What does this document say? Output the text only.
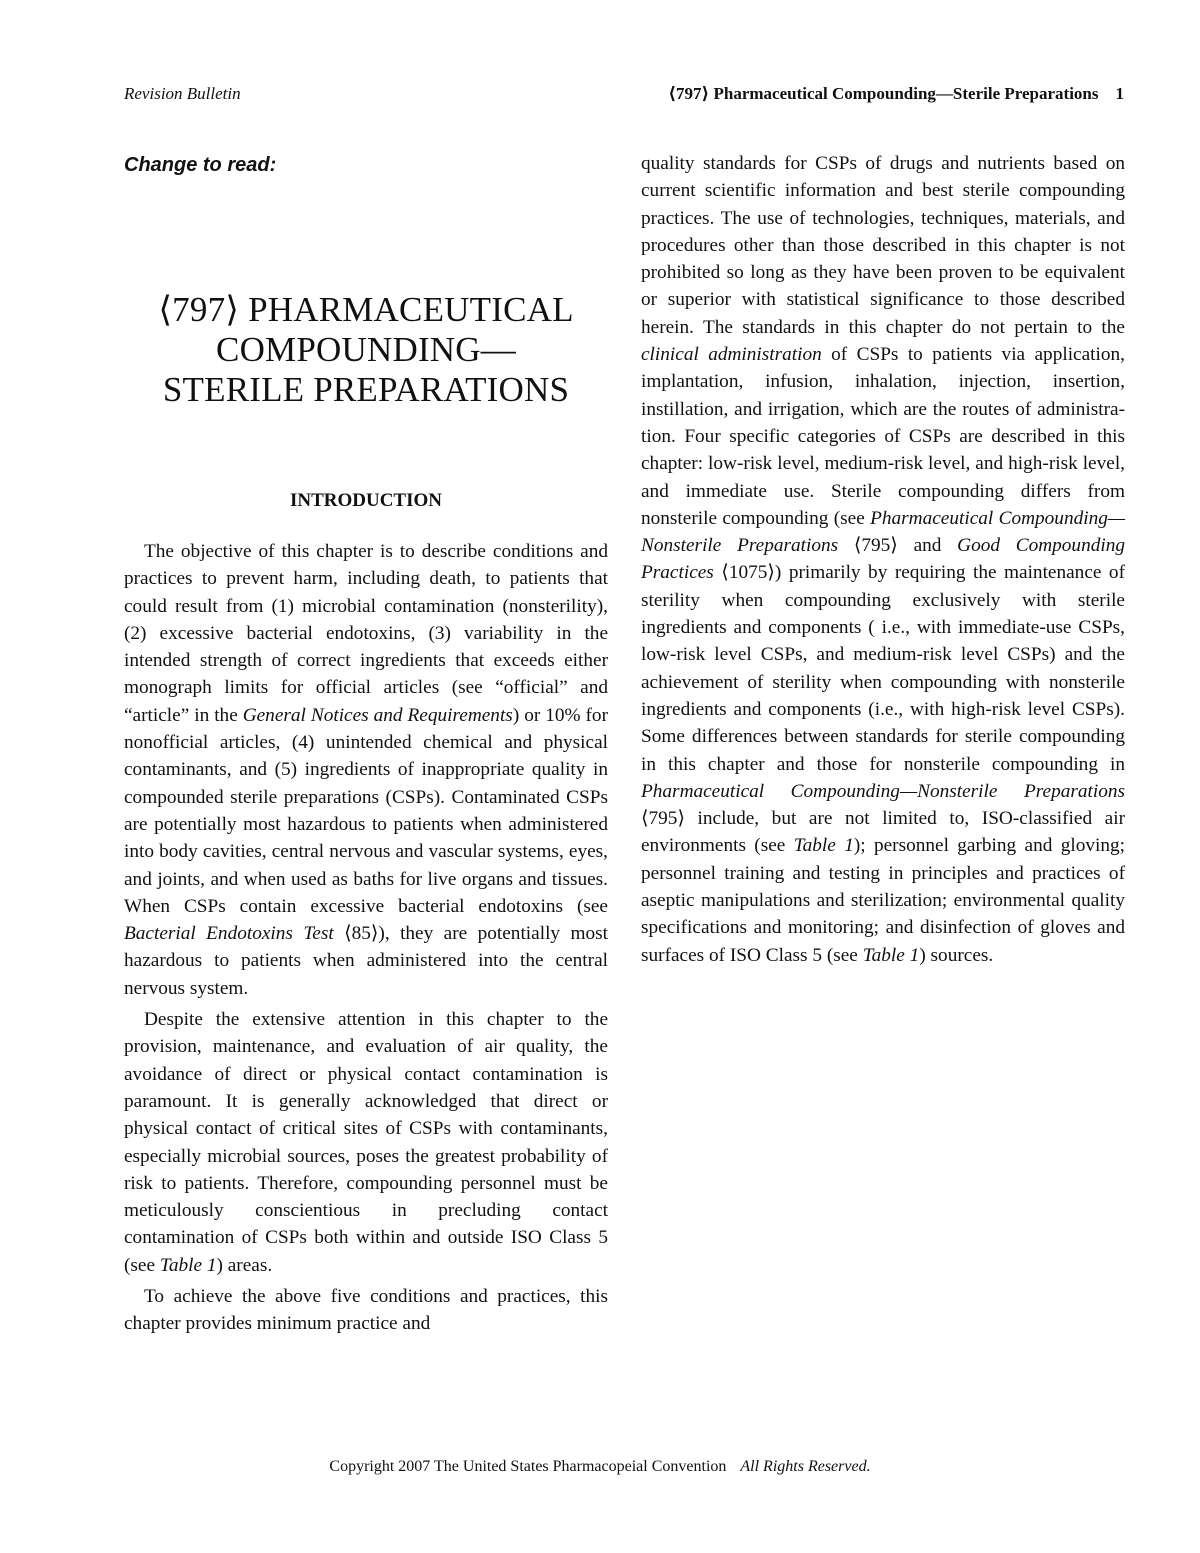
Revision Bulletin	⟨797⟩ Pharmaceutical Compounding—Sterile Preparations    1

Change to read:

⟨797⟩ PHARMACEUTICAL
COMPOUNDING—
STERILE PREPARATIONS
INTRODUCTION

The objective of this chapter is to describe conditions and practices to prevent harm, including death, to patients that could result from (1) microbial contamination (nonsterility), (2) excessive bacterial endotoxins, (3) variability in the intended strength of correct ingredients that exceeds either monograph limits for official articles (see “official” and “article” in the General Notices and Requirements) or 10% for nonofficial articles, (4) unintended chemical and physical contaminants, and (5) ingredients of inappropriate quality in compounded sterile preparations (CSPs). Contaminated CSPs are potentially most hazardous to patients when administered into body cavities, central nervous and vascular systems, eyes, and joints, and when used as baths for live organs and tissues. When CSPs contain excessive bacterial endotoxins (see Bacterial Endotoxins Test ⟨85⟩), they are potentially most hazardous to patients when administered into the central nervous system.

Despite the extensive attention in this chapter to the provision, maintenance, and evaluation of air quality, the avoidance of direct or physical contact contamination is paramount. It is generally acknowledged that direct or physical contact of critical sites of CSPs with contaminants, especially microbial sources, poses the greatest probability of risk to patients. Therefore, compounding personnel must be meticulously conscientious in precluding contact contamination of CSPs both within and outside ISO Class 5 (see Table 1) areas.

To achieve the above five conditions and practices, this chapter provides minimum practice and

quality standards for CSPs of drugs and nutrients based on current scientific information and best sterile compounding practices. The use of technologies, techniques, materials, and procedures other than those described in this chapter is not prohibited so long as they have been proven to be equivalent or superior with statistical significance to those described herein. The standards in this chapter do not pertain to the clinical administration of CSPs to patients via application, implantation, infusion, inhalation, injection, insertion, instillation, and irrigation, which are the routes of administration. Four specific categories of CSPs are described in this chapter: low-risk level, medium-risk level, and high-risk level, and immediate use. Sterile compounding differs from nonsterile compounding (see Pharmaceutical Compounding—Nonsterile Preparations ⟨795⟩ and Good Compounding Practices ⟨1075⟩) primarily by requiring the maintenance of sterility when compounding exclusively with sterile ingredients and components ( i.e., with immediate-use CSPs, low-risk level CSPs, and medium-risk level CSPs) and the achievement of sterility when compounding with nonsterile ingredients and components (i.e., with high-risk level CSPs). Some differences between standards for sterile compounding in this chapter and those for nonsterile compounding in Pharmaceutical Compounding—Nonsterile Preparations ⟨795⟩ include, but are not limited to, ISO-classified air environments (see Table 1); personnel garbing and gloving; personnel training and testing in principles and practices of aseptic manipulations and sterilization; environmental quality specifications and monitoring; and disinfection of gloves and surfaces of ISO Class 5 (see Table 1) sources.

Copyright 2007 The United States Pharmacopeial Convention All Rights Reserved.
